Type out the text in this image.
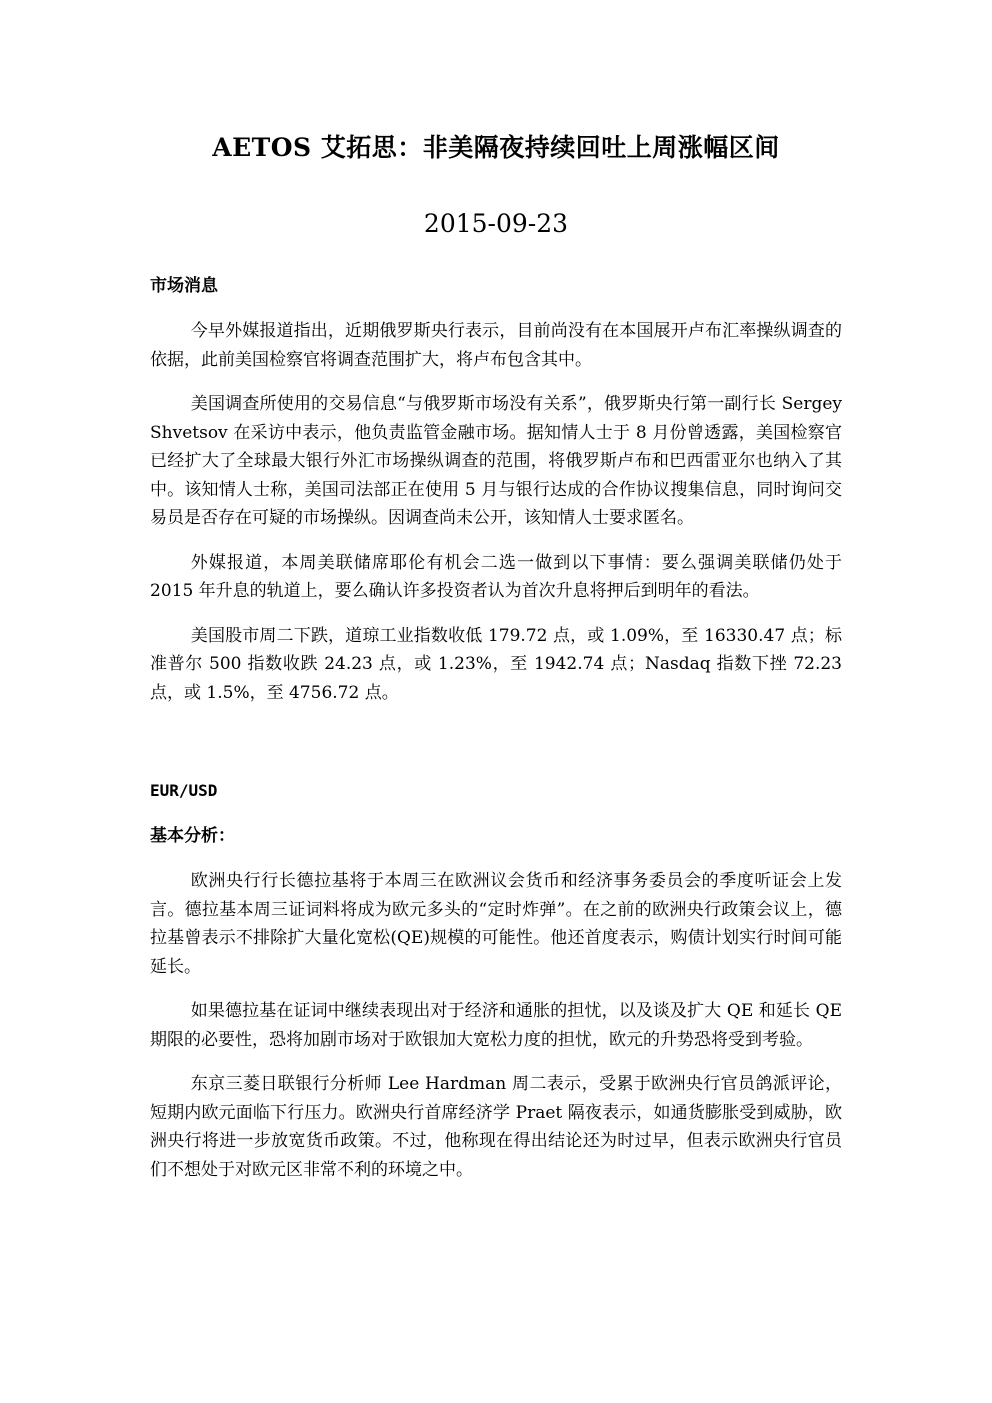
AETOS 艾拓思：非美隔夜持续回吐上周涨幅区间
2015-09-23
市场消息

今早外媒报道指出，近期俄罗斯央行表示，目前尚没有在本国展开卢布汇率操纵调查的依据，此前美国检察官将调查范围扩大，将卢布包含其中。

美国调查所使用的交易信息“与俄罗斯市场没有关系”，俄罗斯央行第一副行长 Sergey Shvetsov 在采访中表示，他负责监管金融市场。据知情人士于 8 月份曾透露，美国检察官已经扩大了全球最大银行外汇市场操纵调查的范围，将俄罗斯卢布和巴西雷亚尔也纳入了其中。该知情人士称，美国司法部正在使用 5 月与银行达成的合作协议搜集信息，同时询问交易员是否存在可疑的市场操纵。因调查尚未公开，该知情人士要求匿名。

外媒报道，本周美联储席耶伦有机会二选一做到以下事情：要么强调美联储仍处于 2015 年升息的轨道上，要么确认许多投资者认为首次升息将押后到明年的看法。

美国股市周二下跌，道琼工业指数收低 179.72 点，或 1.09%，至 16330.47 点；标准普尔 500 指数收跌 24.23 点，或 1.23%，至 1942.74 点；Nasdaq 指数下挫 72.23 点，或 1.5%，至 4756.72 点。

EUR/USD
基本分析：

欧洲央行行长德拉基将于本周三在欧洲议会货币和经济事务委员会的季度听证会上发言。德拉基本周三证词料将成为欧元多头的“定时炸弹”。在之前的欧洲央行政策会议上，德拉基曾表示不排除扩大量化宽松(QE)规模的可能性。他还首度表示，购债计划实行时间可能延长。

如果德拉基在证词中继续表现出对于经济和通胀的担忧，以及谈及扩大 QE 和延长 QE 期限的必要性，恐将加剧市场对于欧银加大宽松力度的担忧，欧元的升势恐将受到考验。

东京三菱日联银行分析师 Lee Hardman 周二表示，受累于欧洲央行官员鸽派评论，短期内欧元面临下行压力。欧洲央行首席经济学 Praet 隔夜表示，如通货膨胀受到威胁，欧洲央行将进一步放宽货币政策。不过，他称现在得出结论还为时过早，但表示欧洲央行官员们不想处于对欧元区非常不利的环境之中。
